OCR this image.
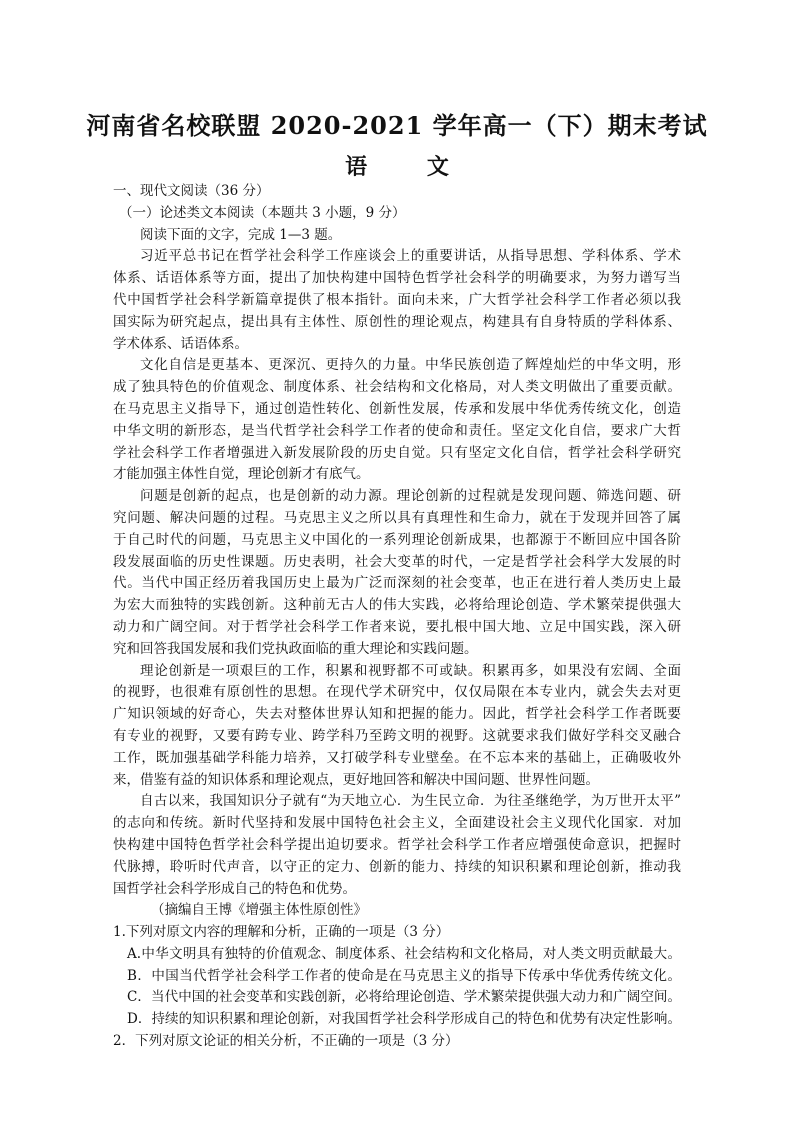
河南省名校联盟 2020-2021 学年高一（下）期末考试
语 文
一、现代文阅读（36 分）
（一）论述类文本阅读（本题共 3 小题，9 分）
阅读下面的文字，完成 1—3 题。
习近平总书记在哲学社会科学工作座谈会上的重要讲话，从指导思想、学科体系、学术
体系、话语体系等方面，提出了加快构建中国特色哲学社会科学的明确要求，为努力谱写当
代中国哲学社会科学新篇章提供了根本指针。面向未来，广大哲学社会科学工作者必须以我
国实际为研究起点，提出具有主体性、原创性的理论观点，构建具有自身特质的学科体系、
学术体系、话语体系。
文化自信是更基本、更深沉、更持久的力量。中华民族创造了辉煌灿烂的中华文明，形
成了独具特色的价值观念、制度体系、社会结构和文化格局，对人类文明做出了重要贡献。
在马克思主义指导下，通过创造性转化、创新性发展，传承和发展中华优秀传统文化，创造
中华文明的新形态，是当代哲学社会科学工作者的使命和责任。坚定文化自信，要求广大哲
学社会科学工作者增强进入新发展阶段的历史自觉。只有坚定文化自信，哲学社会科学研究
才能加强主体性自觉，理论创新才有底气。
问题是创新的起点，也是创新的动力源。理论创新的过程就是发现问题、筛选问题、研
究问题、解决问题的过程。马克思主义之所以具有真理性和生命力，就在于发现并回答了属
于自己时代的问题，马克思主义中国化的一系列理论创新成果，也都源于不断回应中国各阶
段发展面临的历史性课题。历史表明，社会大变革的时代，一定是哲学社会科学大发展的时
代。当代中国正经历着我国历史上最为广泛而深刻的社会变革，也正在进行着人类历史上最
为宏大而独特的实践创新。这种前无古人的伟大实践，必将给理论创造、学术繁荣提供强大
动力和广阔空间。对于哲学社会科学工作者来说，要扎根中国大地、立足中国实践，深入研
究和回答我国发展和我们党执政面临的重大理论和实践问题。
理论创新是一项艰巨的工作，积累和视野都不可或缺。积累再多，如果没有宏阔、全面
的视野，也很难有原创性的思想。在现代学术研究中，仅仅局限在本专业内，就会失去对更
广知识领域的好奇心，失去对整体世界认知和把握的能力。因此，哲学社会科学工作者既要
有专业的视野，又要有跨专业、跨学科乃至跨文明的视野。这就要求我们做好学科交叉融合
工作，既加强基础学科能力培养，又打破学科专业壁垒。在不忘本来的基础上，正确吸收外
来，借鉴有益的知识体系和理论观点，更好地回答和解决中国问题、世界性问题。
自古以来，我国知识分子就有“为天地立心．为生民立命．为往圣继绝学，为万世开太平”
的志向和传统。新时代坚持和发展中国特色社会主义，全面建设社会主义现代化国家．对加
快构建中国特色哲学社会科学提出迫切要求。哲学社会科学工作者应增强使命意识，把握时
代脉搏，聆听时代声音，以守正的定力、创新的能力、持续的知识积累和理论创新，推动我
国哲学社会科学形成自己的特色和优势。
（摘编自王博《增强主体性原创性》
1.下列对原文内容的理解和分析，正确的一项是（3 分）
A.中华文明具有独特的价值观念、制度体系、社会结构和文化格局，对人类文明贡献最大。
B．中国当代哲学社会科学工作者的使命是在马克思主义的指导下传承中华优秀传统文化。
C．当代中国的社会变革和实践创新，必将给理论创造、学术繁荣提供强大动力和广阔空间。
D．持续的知识积累和理论创新，对我国哲学社会科学形成自己的特色和优势有决定性影响。
2．下列对原文论证的相关分析，不正确的一项是（3 分）
